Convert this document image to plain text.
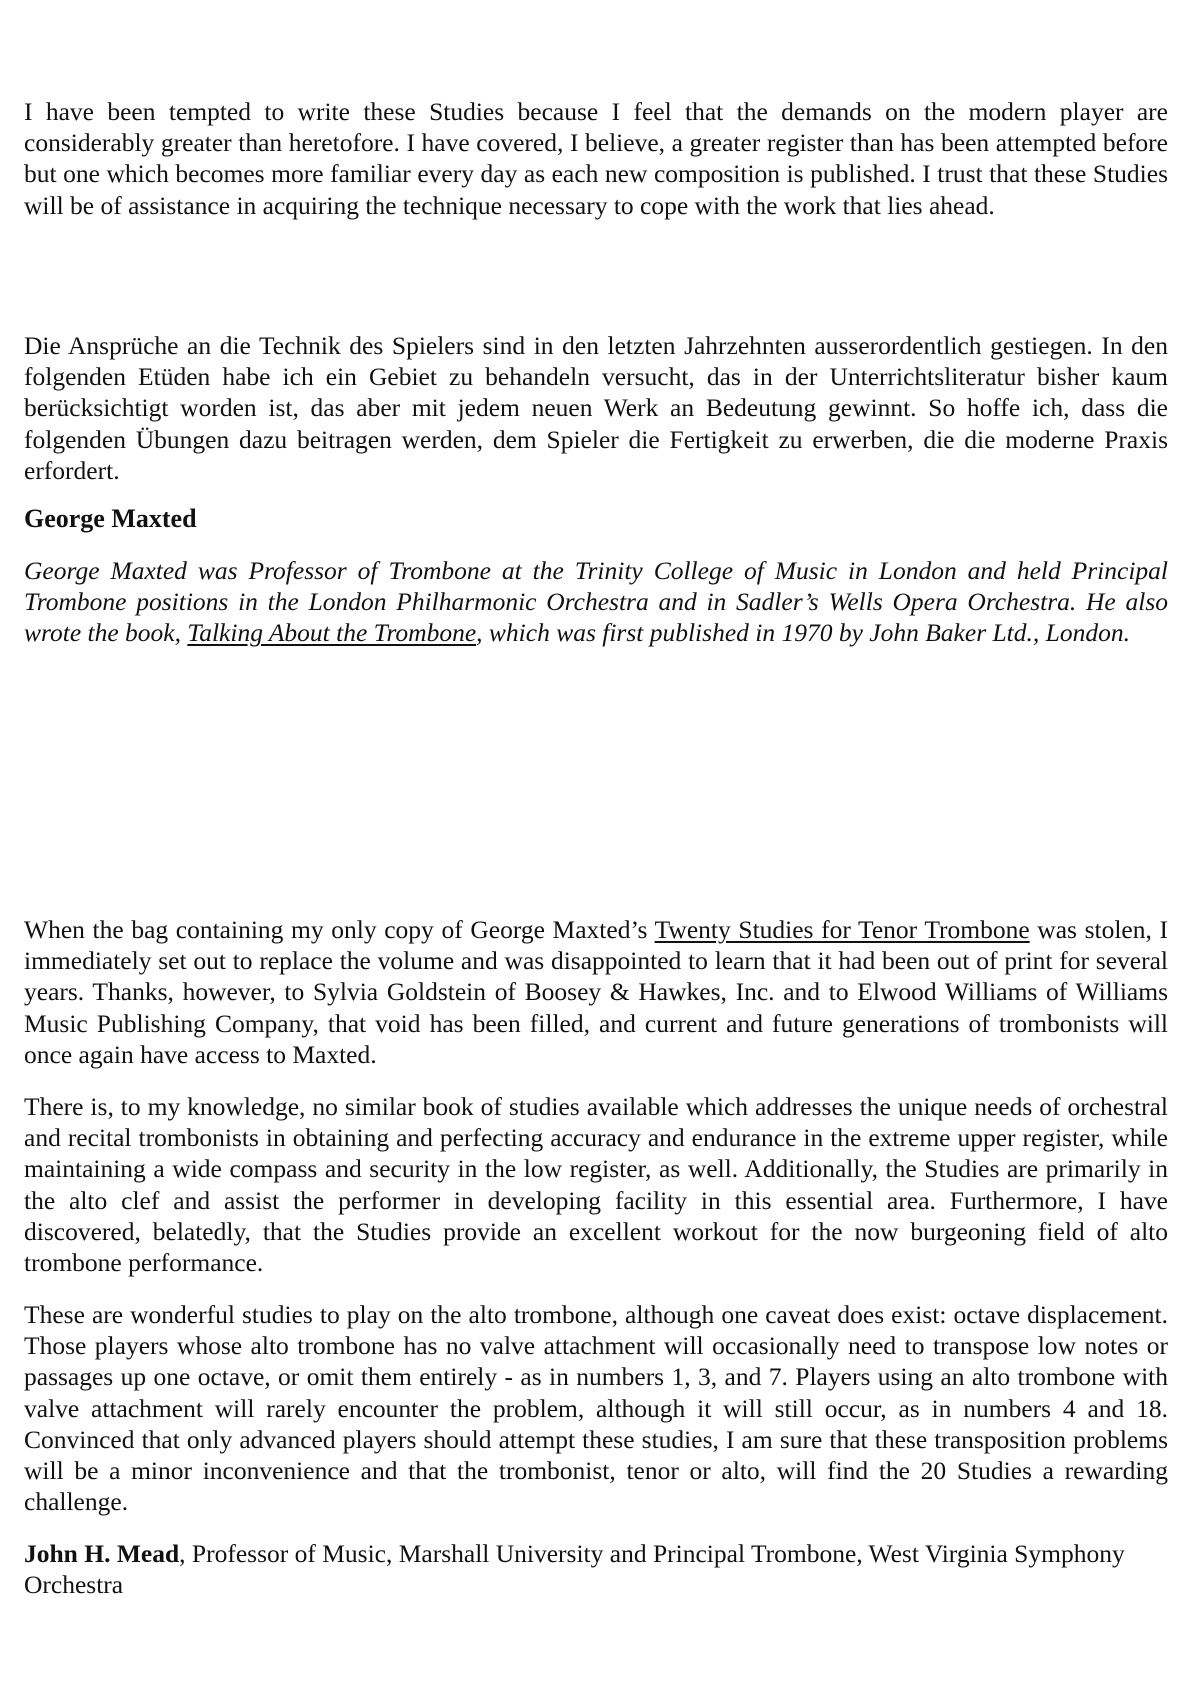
I have been tempted to write these Studies because I feel that the demands on the modern player are considerably greater than heretofore. I have covered, I believe, a greater register than has been attempted before but one which becomes more familiar every day as each new composition is published. I trust that these Studies will be of assistance in acquiring the technique necessary to cope with the work that lies ahead.

Die Ansprüche an die Technik des Spielers sind in den letzten Jahrzehnten ausserordentlich gestiegen. In den folgenden Etüden habe ich ein Gebiet zu behandeln versucht, das in der Unterrichtsliteratur bisher kaum berücksichtigt worden ist, das aber mit jedem neuen Werk an Bedeutung gewinnt. So hoffe ich, dass die folgenden Übungen dazu beitragen werden, dem Spieler die Fertigkeit zu erwerben, die die moderne Praxis erfordert.

George Maxted

George Maxted was Professor of Trombone at the Trinity College of Music in London and held Principal Trombone positions in the London Philharmonic Orchestra and in Sadler’s Wells Opera Orchestra. He also wrote the book, Talking About the Trombone, which was first published in 1970 by John Baker Ltd., London.

When the bag containing my only copy of George Maxted’s Twenty Studies for Tenor Trombone was stolen, I immediately set out to replace the volume and was disappointed to learn that it had been out of print for several years. Thanks, however, to Sylvia Goldstein of Boosey & Hawkes, Inc. and to Elwood Williams of Williams Music Publishing Company, that void has been filled, and current and future generations of trombonists will once again have access to Maxted.

There is, to my knowledge, no similar book of studies available which addresses the unique needs of orchestral and recital trombonists in obtaining and perfecting accuracy and endurance in the extreme upper register, while maintaining a wide compass and security in the low register, as well. Additionally, the Studies are primarily in the alto clef and assist the performer in developing facility in this essential area. Furthermore, I have discovered, belatedly, that the Studies provide an excellent workout for the now burgeoning field of alto trombone performance.

These are wonderful studies to play on the alto trombone, although one caveat does exist: octave displacement. Those players whose alto trombone has no valve attachment will occasionally need to transpose low notes or passages up one octave, or omit them entirely - as in numbers 1, 3, and 7. Players using an alto trombone with valve attachment will rarely encounter the problem, although it will still occur, as in numbers 4 and 18. Convinced that only advanced players should attempt these studies, I am sure that these transposition problems will be a minor inconvenience and that the trombonist, tenor or alto, will find the 20 Studies a rewarding challenge.

John H. Mead, Professor of Music, Marshall University and Principal Trombone, West Virginia Symphony Orchestra
